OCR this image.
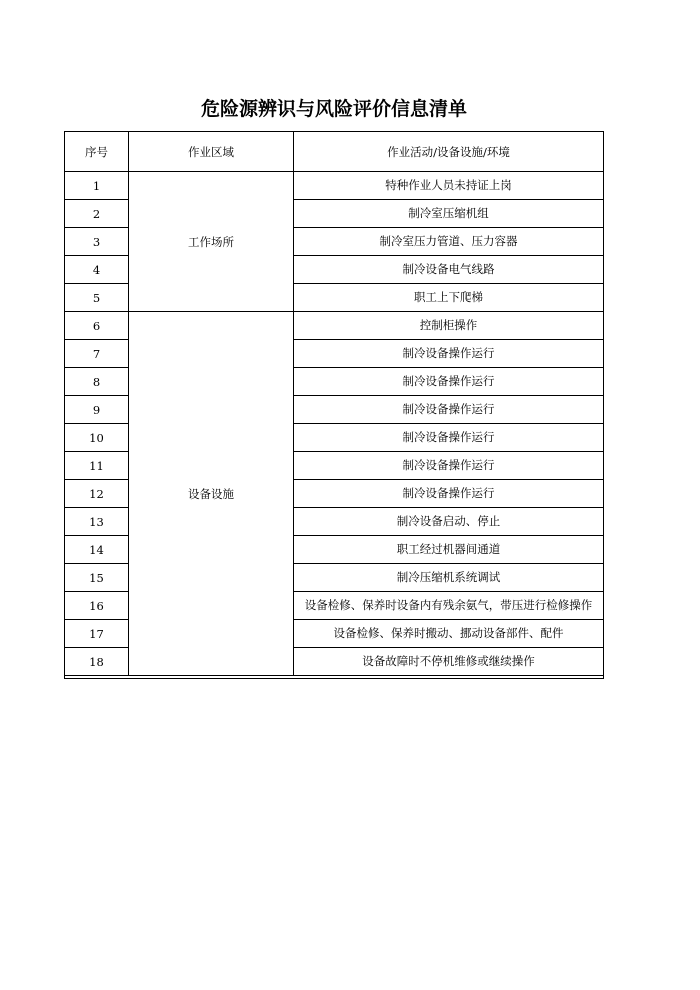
危险源辨识与风险评价信息清单
序号	作业区域	作业活动/设备设施/环境
1	工作场所	特种作业人员未持证上岗
2		制冷室压缩机组
3		制冷室压力管道、压力容器
4		制冷设备电气线路
5		职工上下爬梯
6	设备设施	控制柜操作
7		制冷设备操作运行
8		制冷设备操作运行
9		制冷设备操作运行
10		制冷设备操作运行
11		制冷设备操作运行
12		制冷设备操作运行
13		制冷设备启动、停止
14		职工经过机器间通道
15		制冷压缩机系统调试
16		设备检修、保养时设备内有残余氨气，带压进行检修操作
17		设备检修、保养时搬动、挪动设备部件、配件
18		设备故障时不停机维修或继续操作
